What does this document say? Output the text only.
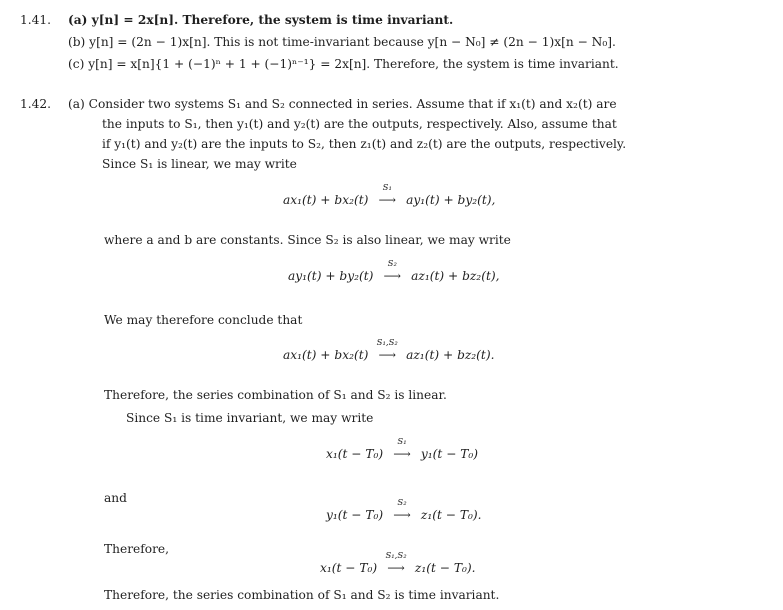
1.41. (a) y[n] = 2x[n]. Therefore, the system is time invariant.
(b) y[n] = (2n − 1)x[n]. This is not time-invariant because y[n − N₀] ≠ (2n − 1)x[n − N₀].
(c) y[n] = x[n]{1 + (−1)ⁿ + 1 + (−1)ⁿ⁻¹} = 2x[n]. Therefore, the system is time invariant.
1.42. (a) Consider two systems S₁ and S₂ connected in series. Assume that if x₁(t) and x₂(t) are
the inputs to S₁, then y₁(t) and y₂(t) are the outputs, respectively. Also, assume that
if y₁(t) and y₂(t) are the inputs to S₂, then z₁(t) and z₂(t) are the outputs, respectively.
Since S₁ is linear, we may write
ax₁(t) + bx₂(t)
S₁
⟶ ay₁(t) + by₂(t),
where a and b are constants. Since S₂ is also linear, we may write
ay₁(t) + by₂(t)
S₂
⟶ az₁(t) + bz₂(t),
We may therefore conclude that
ax₁(t) + bx₂(t)
S₁,S₂
⟶ az₁(t) + bz₂(t).
Therefore, the series combination of S₁ and S₂ is linear.
Since S₁ is time invariant, we may write
x₁(t − T₀)
S₁
⟶ y₁(t − T₀)
and
y₁(t − T₀)
S₂
⟶ z₁(t − T₀).
Therefore,
x₁(t − T₀)
S₁,S₂
⟶ z₁(t − T₀).
Therefore, the series combination of S₁ and S₂ is time invariant.
